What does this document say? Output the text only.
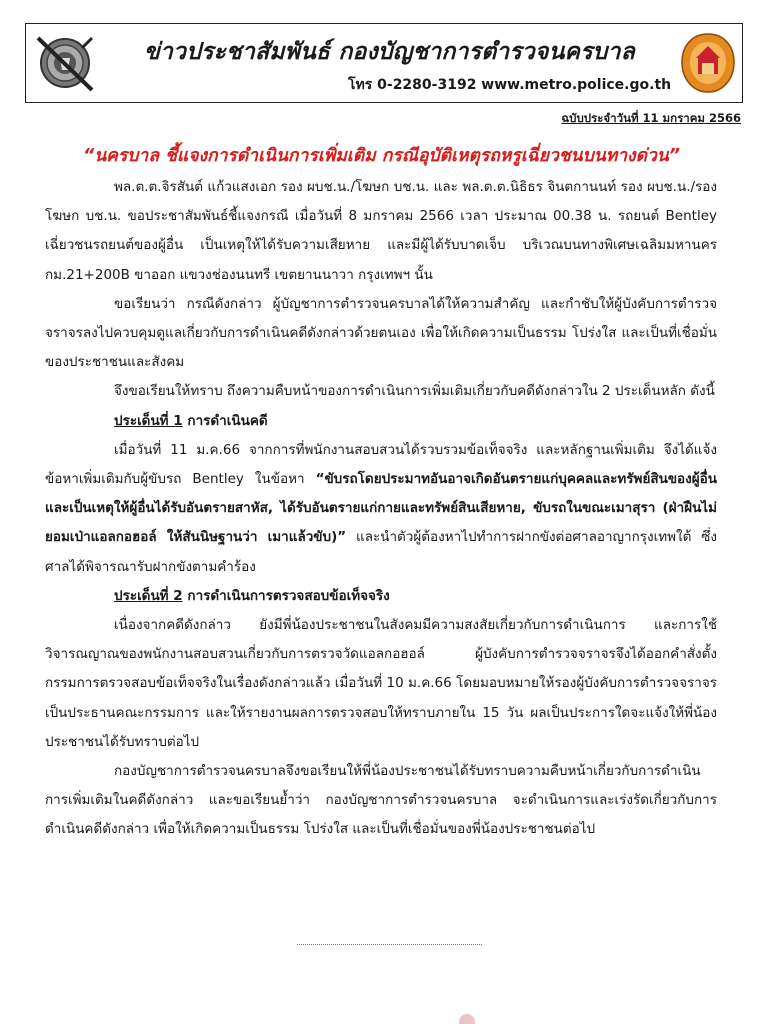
ข่าวประชาสัมพันธ์ กองบัญชาการตำรวจนครบาล
โทร 0-2280-3192 www.metro.police.go.th
ฉบับประจำวันที่ 11 มกราคม 2566
“นครบาล ชี้แจงการดำเนินการเพิ่มเติม กรณีอุบัติเหตุรถหรูเฉี่ยวชนบนทางด่วน”

พล.ต.ต.จิรสันต์ แก้วแสงเอก รอง ผบช.น./โฆษก บช.น. และ พล.ต.ต.นิธิธร จินตกานนท์ รอง ผบช.น./รองโฆษก บช.น. ขอประชาสัมพันธ์ชี้แจงกรณี เมื่อวันที่ 8 มกราคม 2566 เวลา ประมาณ 00.38 น. รถยนต์ Bentley เฉี่ยวชนรถยนต์ของผู้อื่น เป็นเหตุให้ได้รับความเสียหาย และมีผู้ได้รับบาดเจ็บ บริเวณบนทางพิเศษเฉลิมมหานคร กม.21+200B ขาออก แขวงช่องนนทรี เขตยานนาวา กรุงเทพฯ นั้น

ขอเรียนว่า กรณีดังกล่าว ผู้บัญชาการตำรวจนครบาลได้ให้ความสำคัญ และกำชับให้ผู้บังคับการตำรวจจราจรลงไปควบคุมดูแลเกี่ยวกับการดำเนินคดีดังกล่าวด้วยตนเอง เพื่อให้เกิดความเป็นธรรม โปร่งใส และเป็นที่เชื่อมั่นของประชาชนและสังคม

จึงขอเรียนให้ทราบ ถึงความคืบหน้าของการดำเนินการเพิ่มเติมเกี่ยวกับคดีดังกล่าวใน 2 ประเด็นหลัก ดังนี้

ประเด็นที่ 1 การดำเนินคดี

เมื่อวันที่ 11 ม.ค.66 จากการที่พนักงานสอบสวนได้รวบรวมข้อเท็จจริง และหลักฐานเพิ่มเติม จึงได้แจ้งข้อหาเพิ่มเติมกับผู้ขับรถ Bentley ในข้อหา “ขับรถโดยประมาทอันอาจเกิดอันตรายแก่บุคคลและทรัพย์สินของผู้อื่น และเป็นเหตุให้ผู้อื่นได้รับอันตรายสาหัส, ได้รับอันตรายแก่กายและทรัพย์สินเสียหาย, ขับรถในขณะเมาสุรา (ฝ่าฝืนไม่ยอมเป่าแอลกอฮอล์ ให้สันนิษฐานว่า เมาแล้วขับ)” และนำตัวผู้ต้องหาไปทำการฝากขังต่อศาลอาญากรุงเทพใต้ ซึ่งศาลได้พิจารณารับฝากขังตามคำร้อง

ประเด็นที่ 2 การดำเนินการตรวจสอบข้อเท็จจริง

เนื่องจากคดีดังกล่าว ยังมีพี่น้องประชาชนในสังคมมีความสงสัยเกี่ยวกับการดำเนินการ และการใช้วิจารณญาณของพนักงานสอบสวนเกี่ยวกับการตรวจวัดแอลกอฮอล์ ผู้บังคับการตำรวจจราจรจึงได้ออกคำสั่งตั้งกรรมการตรวจสอบข้อเท็จจริงในเรื่องดังกล่าวแล้ว เมื่อวันที่ 10 ม.ค.66 โดยมอบหมายให้รองผู้บังคับการตำรวจจราจรเป็นประธานคณะกรรมการ และให้รายงานผลการตรวจสอบให้ทราบภายใน 15 วัน ผลเป็นประการใดจะแจ้งให้พี่น้องประชาชนได้รับทราบต่อไป

กองบัญชาการตำรวจนครบาลจึงขอเรียนให้พี่น้องประชาชนได้รับทราบความคืบหน้าเกี่ยวกับการดำเนินการเพิ่มเติมในคดีดังกล่าว และขอเรียนย้ำว่า กองบัญชาการตำรวจนครบาล จะดำเนินการและเร่งรัดเกี่ยวกับการดำเนินคดีดังกล่าว เพื่อให้เกิดความเป็นธรรม โปร่งใส และเป็นที่เชื่อมั่นของพี่น้องประชาชนต่อไป
